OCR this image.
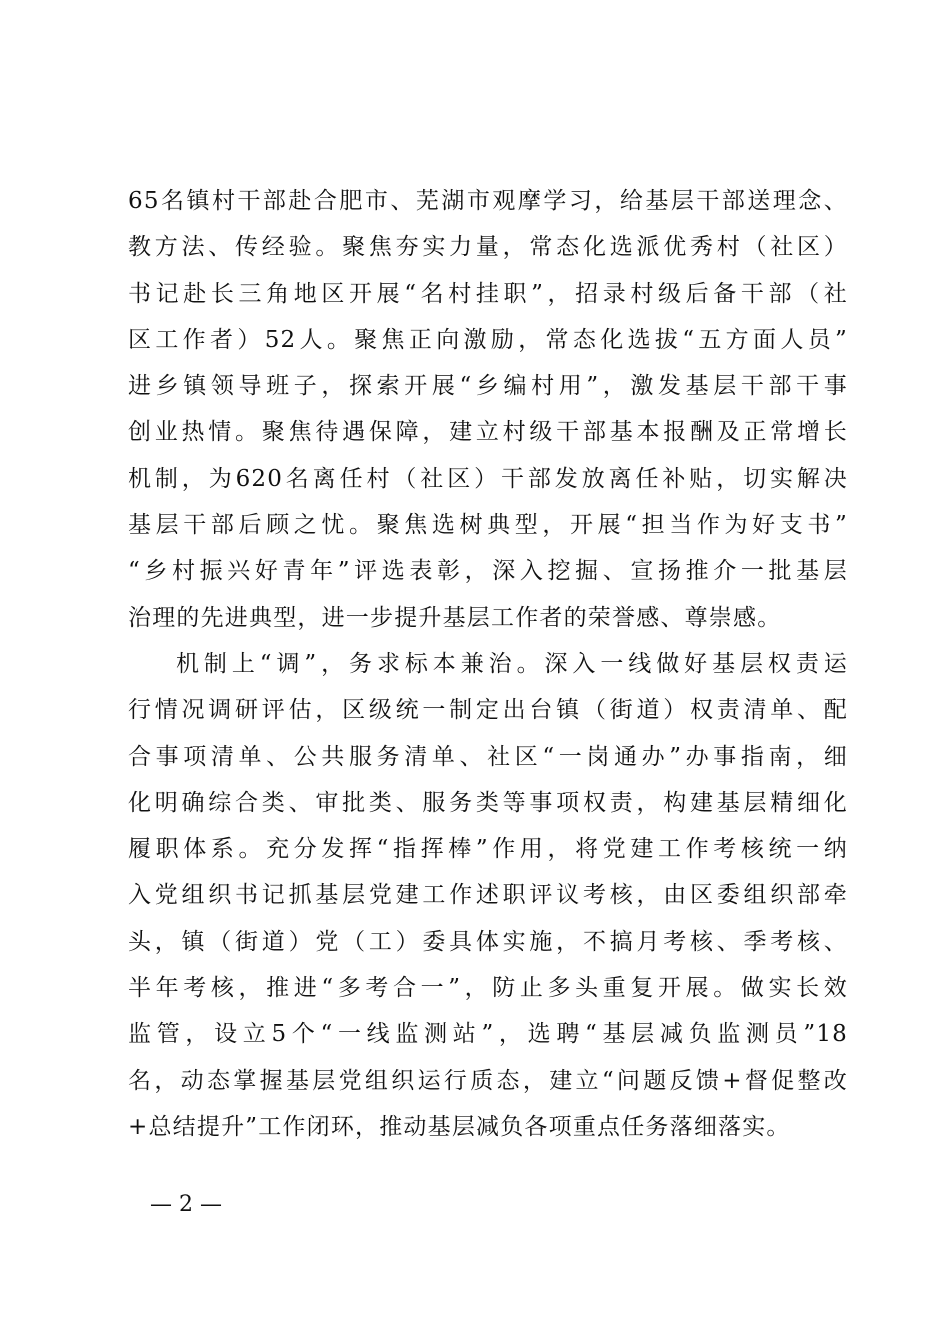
65名镇村干部赴合肥市、芜湖市观摩学习，给基层干部送理念、
教方法、传经验。聚焦夯实力量，常态化选派优秀村（社区）
书记赴长三角地区开展“名村挂职”，招录村级后备干部（社
区工作者）52人。聚焦正向激励，常态化选拔“五方面人员”
进乡镇领导班子，探索开展“乡编村用”，激发基层干部干事
创业热情。聚焦待遇保障，建立村级干部基本报酬及正常增长
机制，为620名离任村（社区）干部发放离任补贴，切实解决
基层干部后顾之忧。聚焦选树典型，开展“担当作为好支书”
“乡村振兴好青年”评选表彰，深入挖掘、宣扬推介一批基层
治理的先进典型，进一步提升基层工作者的荣誉感、尊崇感。
机制上“调”，务求标本兼治。深入一线做好基层权责运
行情况调研评估，区级统一制定出台镇（街道）权责清单、配
合事项清单、公共服务清单、社区“一岗通办”办事指南，细
化明确综合类、审批类、服务类等事项权责，构建基层精细化
履职体系。充分发挥“指挥棒”作用，将党建工作考核统一纳
入党组织书记抓基层党建工作述职评议考核，由区委组织部牵
头，镇（街道）党（工）委具体实施，不搞月考核、季考核、
半年考核，推进“多考合一”，防止多头重复开展。做实长效
监管，设立5个“一线监测站”，选聘“基层减负监测员”18
名，动态掌握基层党组织运行质态，建立“问题反馈+督促整改
+总结提升”工作闭环，推动基层减负各项重点任务落细落实。
— 2 —
